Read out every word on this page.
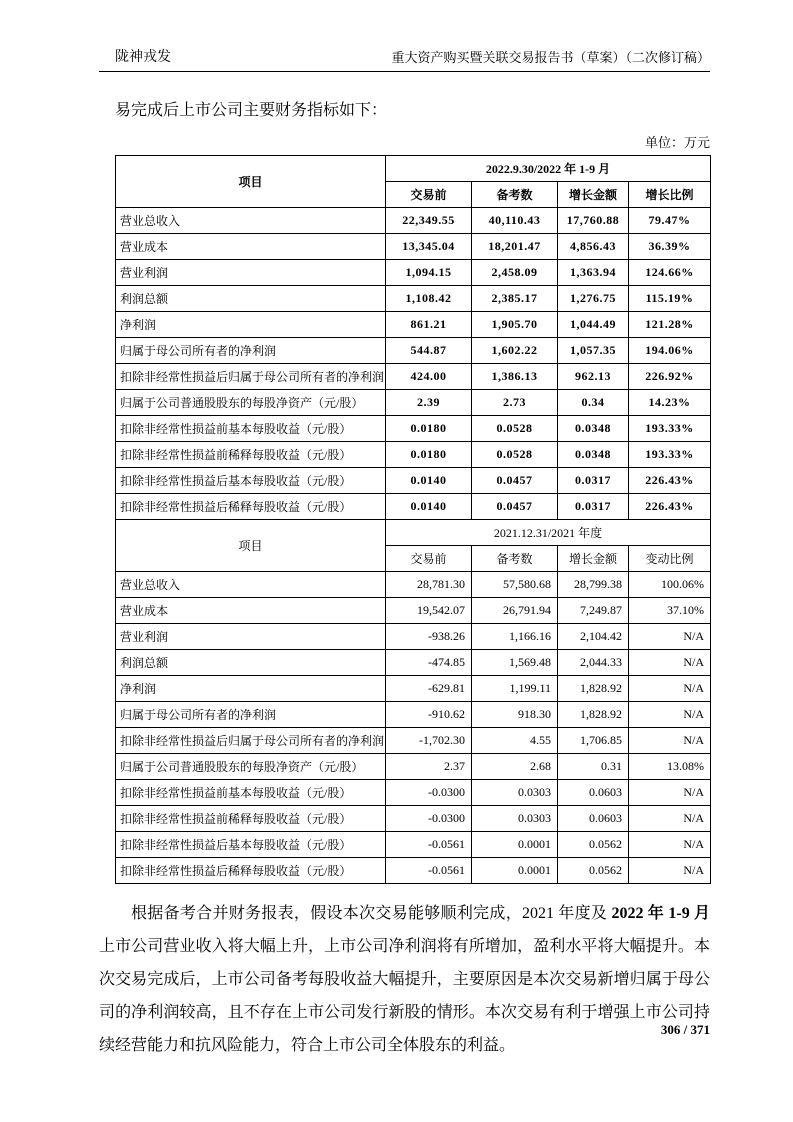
陇神戎发	重大资产购买暨关联交易报告书（草案）（二次修订稿）
易完成后上市公司主要财务指标如下：
单位：万元
项目	2022.9.30/2022 年 1-9 月			
	交易前	备考数	增长金额	增长比例
营业总收入	22,349.55	40,110.43	17,760.88	79.47%
营业成本	13,345.04	18,201.47	4,856.43	36.39%
营业利润	1,094.15	2,458.09	1,363.94	124.66%
利润总额	1,108.42	2,385.17	1,276.75	115.19%
净利润	861.21	1,905.70	1,044.49	121.28%
归属于母公司所有者的净利润	544.87	1,602.22	1,057.35	194.06%
扣除非经常性损益后归属于母公司所有者的净利润	424.00	1,386.13	962.13	226.92%
归属于公司普通股股东的每股净资产（元/股）	2.39	2.73	0.34	14.23%
扣除非经常性损益前基本每股收益（元/股）	0.0180	0.0528	0.0348	193.33%
扣除非经常性损益前稀释每股收益（元/股）	0.0180	0.0528	0.0348	193.33%
扣除非经常性损益后基本每股收益（元/股）	0.0140	0.0457	0.0317	226.43%
扣除非经常性损益后稀释每股收益（元/股）	0.0140	0.0457	0.0317	226.43%
项目	2021.12.31/2021 年度			
	交易前	备考数	增长金额	变动比例
营业总收入	28,781.30	57,580.68	28,799.38	100.06%
营业成本	19,542.07	26,791.94	7,249.87	37.10%
营业利润	-938.26	1,166.16	2,104.42	N/A
利润总额	-474.85	1,569.48	2,044.33	N/A
净利润	-629.81	1,199.11	1,828.92	N/A
归属于母公司所有者的净利润	-910.62	918.30	1,828.92	N/A
扣除非经常性损益后归属于母公司所有者的净利润	-1,702.30	4.55	1,706.85	N/A
归属于公司普通股股东的每股净资产（元/股）	2.37	2.68	0.31	13.08%
扣除非经常性损益前基本每股收益（元/股）	-0.0300	0.0303	0.0603	N/A
扣除非经常性损益前稀释每股收益（元/股）	-0.0300	0.0303	0.0603	N/A
扣除非经常性损益后基本每股收益（元/股）	-0.0561	0.0001	0.0562	N/A
扣除非经常性损益后稀释每股收益（元/股）	-0.0561	0.0001	0.0562	N/A
根据备考合并财务报表，假设本次交易能够顺利完成，2021 年度及 2022 年 1-9 月上市公司营业收入将大幅上升，上市公司净利润将有所增加，盈利水平将大幅提升。本次交易完成后，上市公司备考每股收益大幅提升，主要原因是本次交易新增归属于母公司的净利润较高，且不存在上市公司发行新股的情形。本次交易有利于增强上市公司持续经营能力和抗风险能力，符合上市公司全体股东的利益。
306 / 371
